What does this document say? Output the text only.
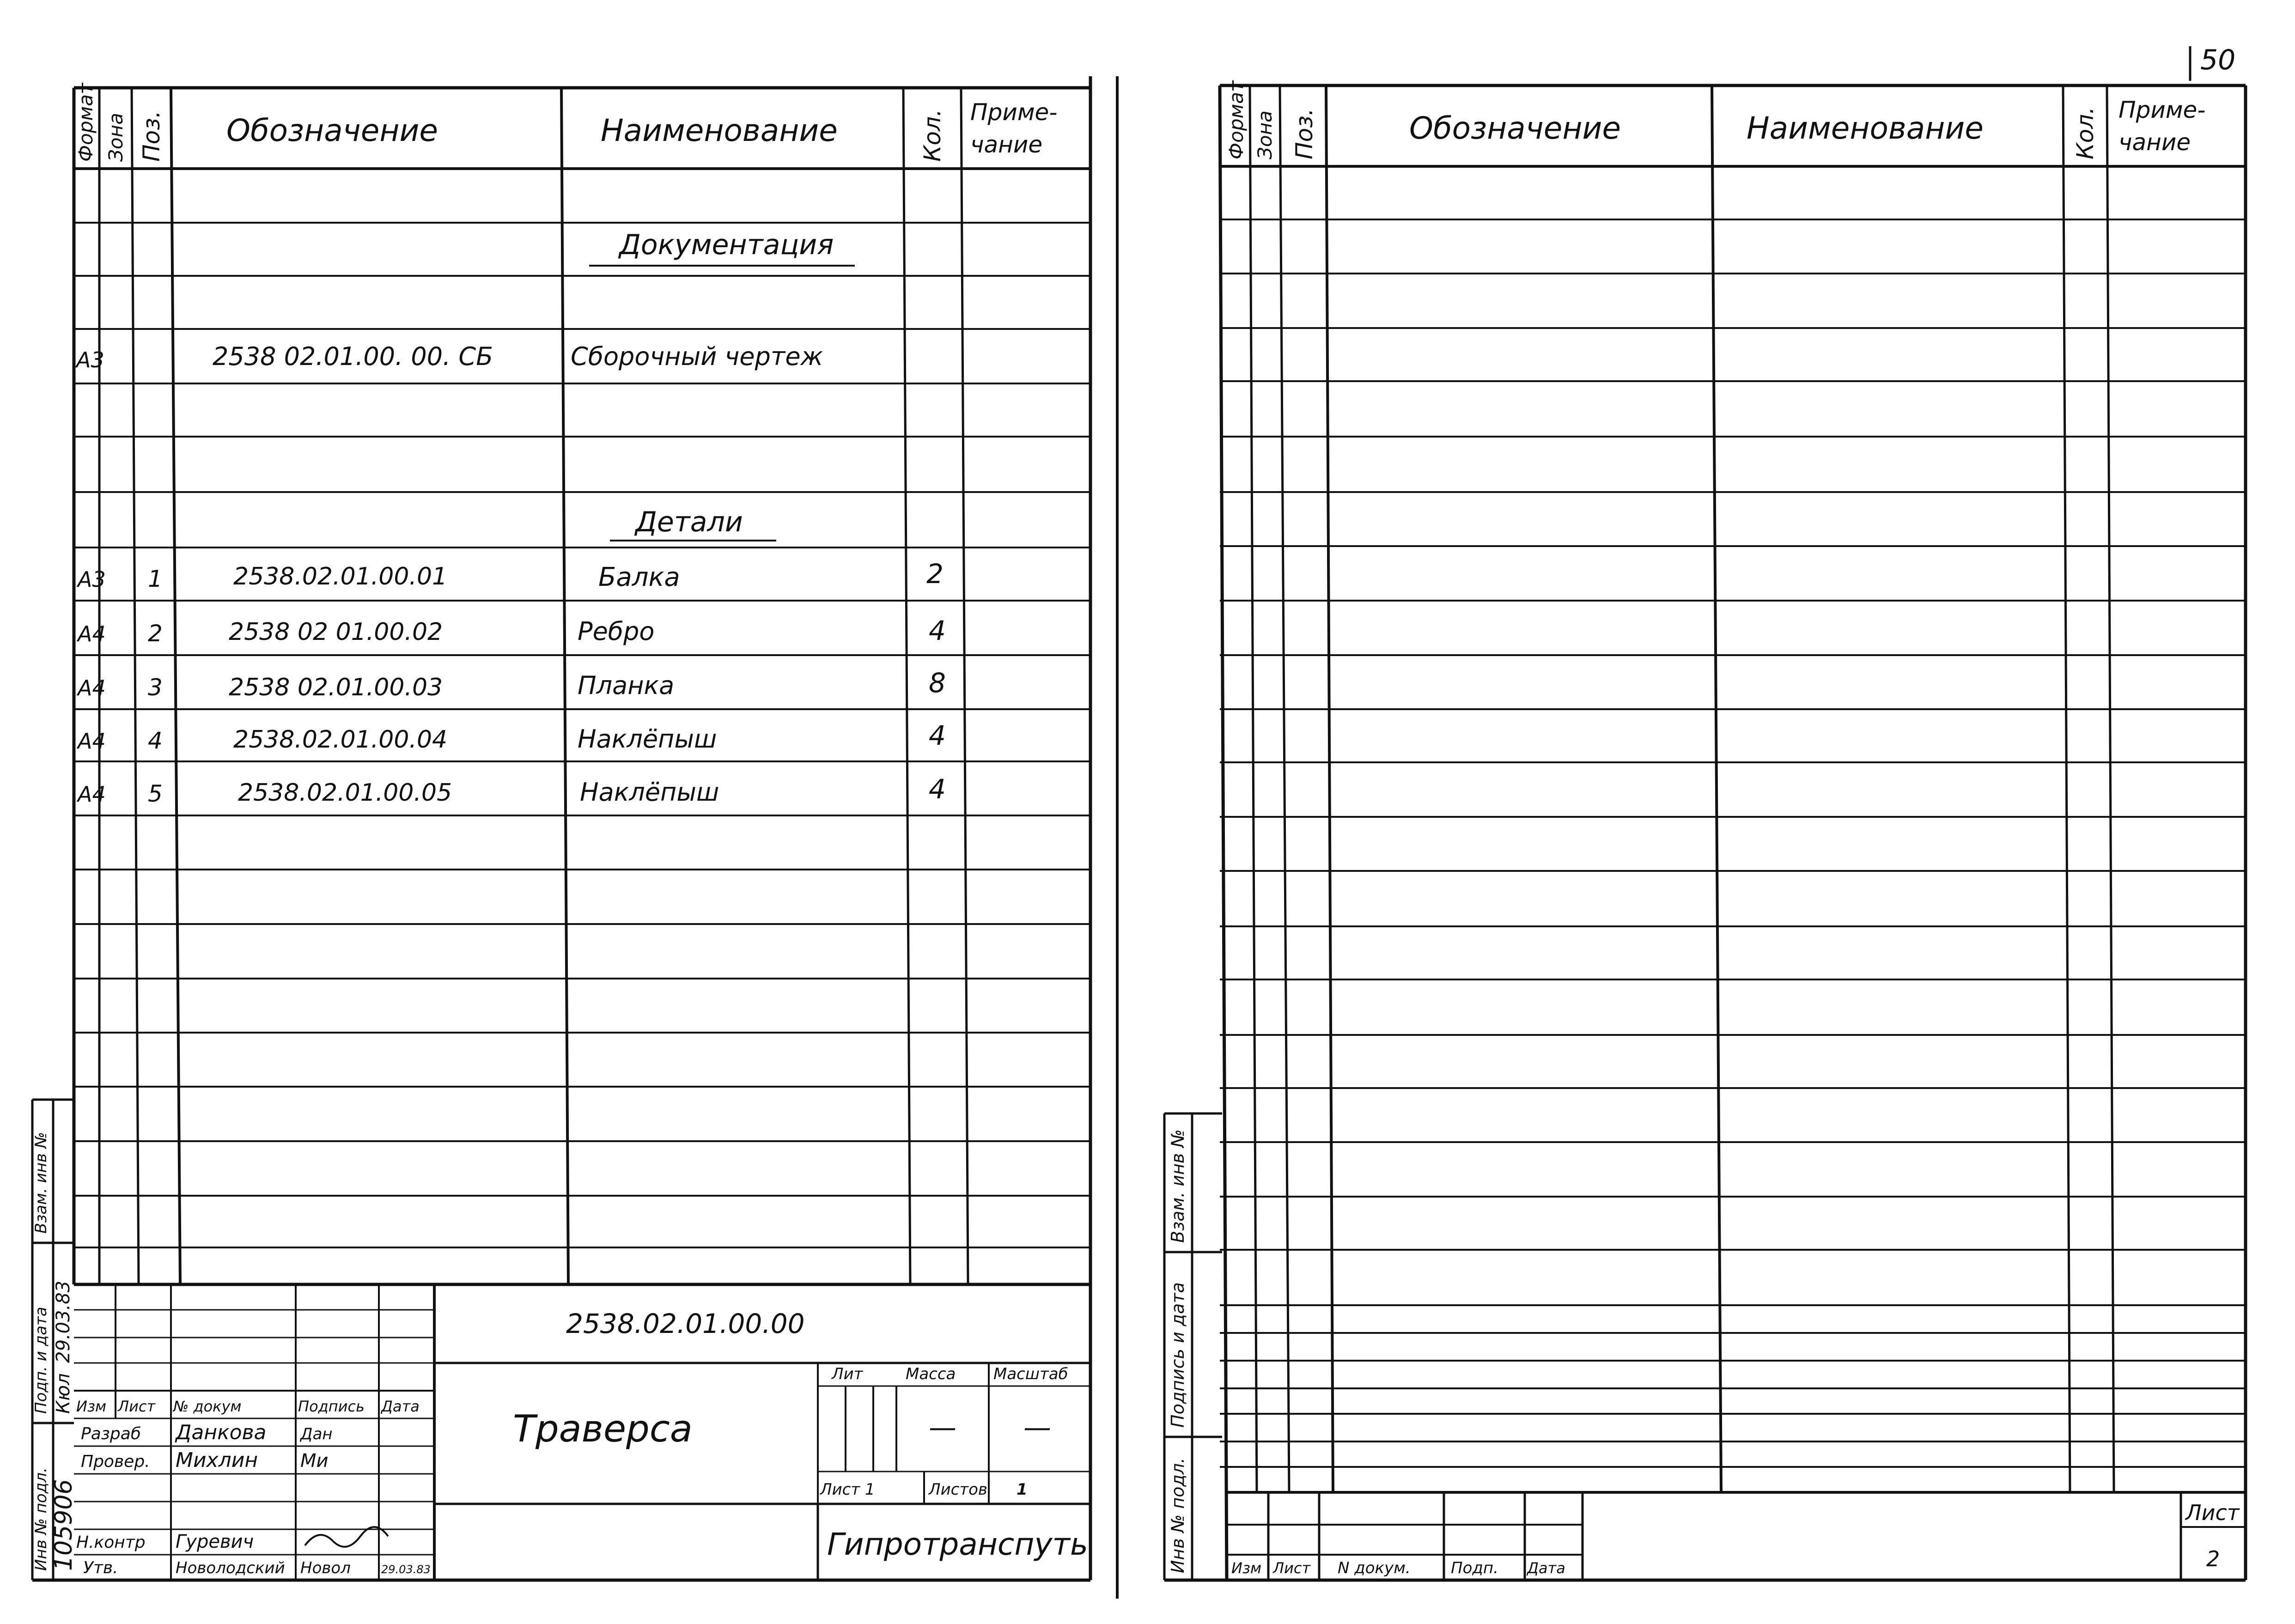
50
Формат Зона Поз. Обозначение	Наименование	Кол. Приме-
чание
Документация
Детали
А3	2538 02.01.00. 00. СБ	Сборочный чертеж
А3 1	2538.02.01.00.01	Балка	2
А4 2	2538 02 01.00.02	Ребро	4
А4 3	2538 02.01.00.03	Планка	8
А4 4	2538.02.01.00.04	Наклёпыш	4
А4 5	2538.02.01.00.05	Наклёпыш	4
Взам. инв №
Подп. и дата Кюл
29.03.83
Инв № подл. 105906
2538.02.01.00.00
Траверса
Изм Лист № докум	Подпись Дата
Разраб Данкова Дан
Провер. Михлин Ми
Н.контр Гуревич
Утв.	Новолодский Новол	29.03.83
Лит	Масса Масштаб
— —
Лист 1	Листов 1
Гипротранспуть
Формат Зона Поз.	Обозначение	Наименование	Кол. Приме-
чание
Взам. инв №
Подпись и дата
Инв № подл.	Изм Лист N докум.	Подп. Дата
Лист
2
